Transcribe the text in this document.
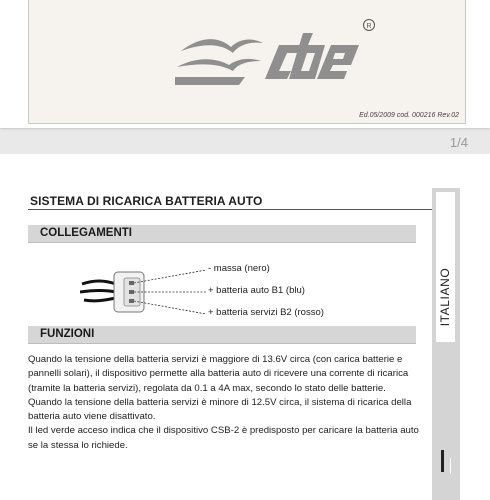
R
Ed.05/2009 cod. 000216 Rev.02
1/4
SISTEMA DI RICARICA BATTERIA AUTO
COLLEGAMENTI
- massa (nero)
+ batteria auto B1 (blu)
+ batteria servizi B2 (rosso)
FUNZIONI

Quando la tensione della batteria servizi è maggiore di 13.6V circa (con carica batterie e pannelli solari), il dispositivo permette alla batteria auto di ricevere una corrente di ricarica (tramite la batteria servizi), regolata da 0.1 a 4A max, secondo lo stato delle batterie.

Quando la tensione della batteria servizi è minore di 12.5V circa, il sistema di ricarica della batteria auto viene disattivato.

Il led verde acceso indica che il dispositivo CSB-2 è predisposto per caricare la batteria auto se la stessa lo richiede.

ITALIANO
